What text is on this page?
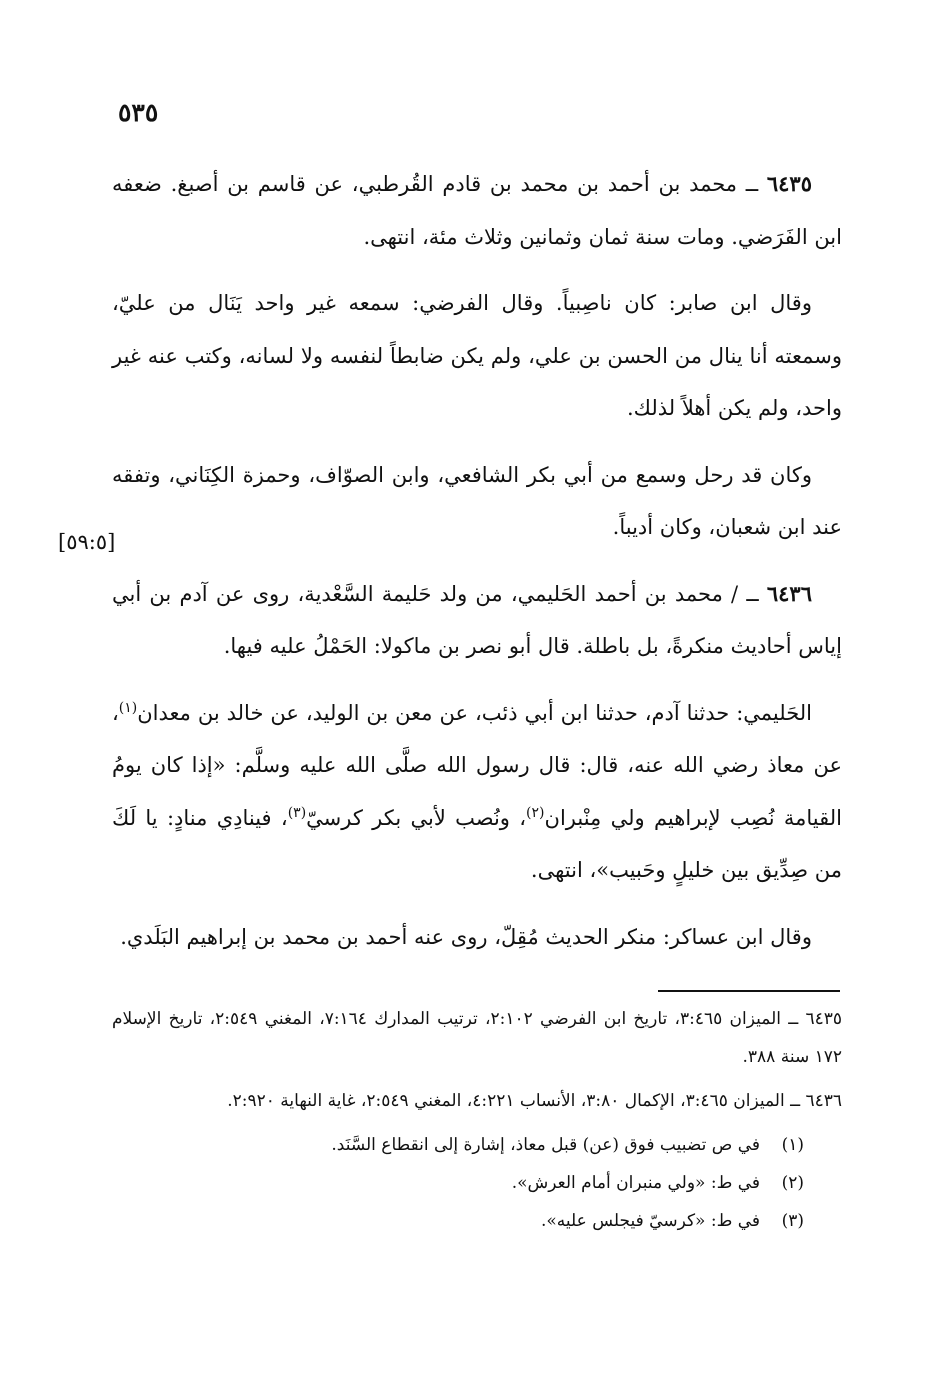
٥٣٥
[٥٩:٥]

٦٤٣٥ ــ محمد بن أحمد بن محمد بن قادم القُرطبي، عن قاسم بن أصبغ. ضعفه ابن الفَرَضي. ومات سنة ثمان وثمانين وثلاث مئة، انتهى.

وقال ابن صابر: كان ناصِبياً. وقال الفرضي: سمعه غير واحد يَنَال من عليّ، وسمعته أنا ينال من الحسن بن علي، ولم يكن ضابطاً لنفسه ولا لسانه، وكتب عنه غير واحد، ولم يكن أهلاً لذلك.

وكان قد رحل وسمع من أبي بكر الشافعي، وابن الصوّاف، وحمزة الكِنَاني، وتفقه عند ابن شعبان، وكان أديباً.

٦٤٣٦ ــ / محمد بن أحمد الحَليمي، من ولد حَليمة السَّعْدية، روى عن آدم بن أبي إياس أحاديث منكرةً، بل باطلة. قال أبو نصر بن ماكولا: الحَمْلُ عليه فيها.

الحَليمي: حدثنا آدم، حدثنا ابن أبي ذئب، عن معن بن الوليد، عن خالد بن معدان$^{(١)}$، عن معاذ رضي الله عنه، قال: قال رسول الله صلَّى الله عليه وسلَّم: «إذا كان يومُ القيامة نُصِب لإبراهيم ولي مِنْبران$^{(٢)}$، ونُصب لأبي بكر كرسيّ$^{(٣)}$، فينادِي منادٍ: يا لَكَ من صِدِّيق بين خليلٍ وحَبيب»، انتهى.

وقال ابن عساكر: منكر الحديث مُقِلّ، روى عنه أحمد بن محمد بن إبراهيم البَلَدي.

٦٤٣٥ ــ الميزان ٣:٤٦٥، تاريخ ابن الفرضي ٢:١٠٢، ترتيب المدارك ٧:١٦٤، المغني ٢:٥٤٩، تاريخ الإسلام ١٧٢ سنة ٣٨٨.

٦٤٣٦ ــ الميزان ٣:٤٦٥، الإكمال ٣:٨٠، الأنساب ٤:٢٢١، المغني ٢:٥٤٩، غاية النهاية ٢:٩٢٠.

(١)في ص تضبيب فوق (عن) قبل معاذ، إشارة إلى انقطاع السَّنَد.

(٢)في ط: «ولي منبران أمام العرش».

(٣)في ط: «كرسيّ فيجلس عليه».
